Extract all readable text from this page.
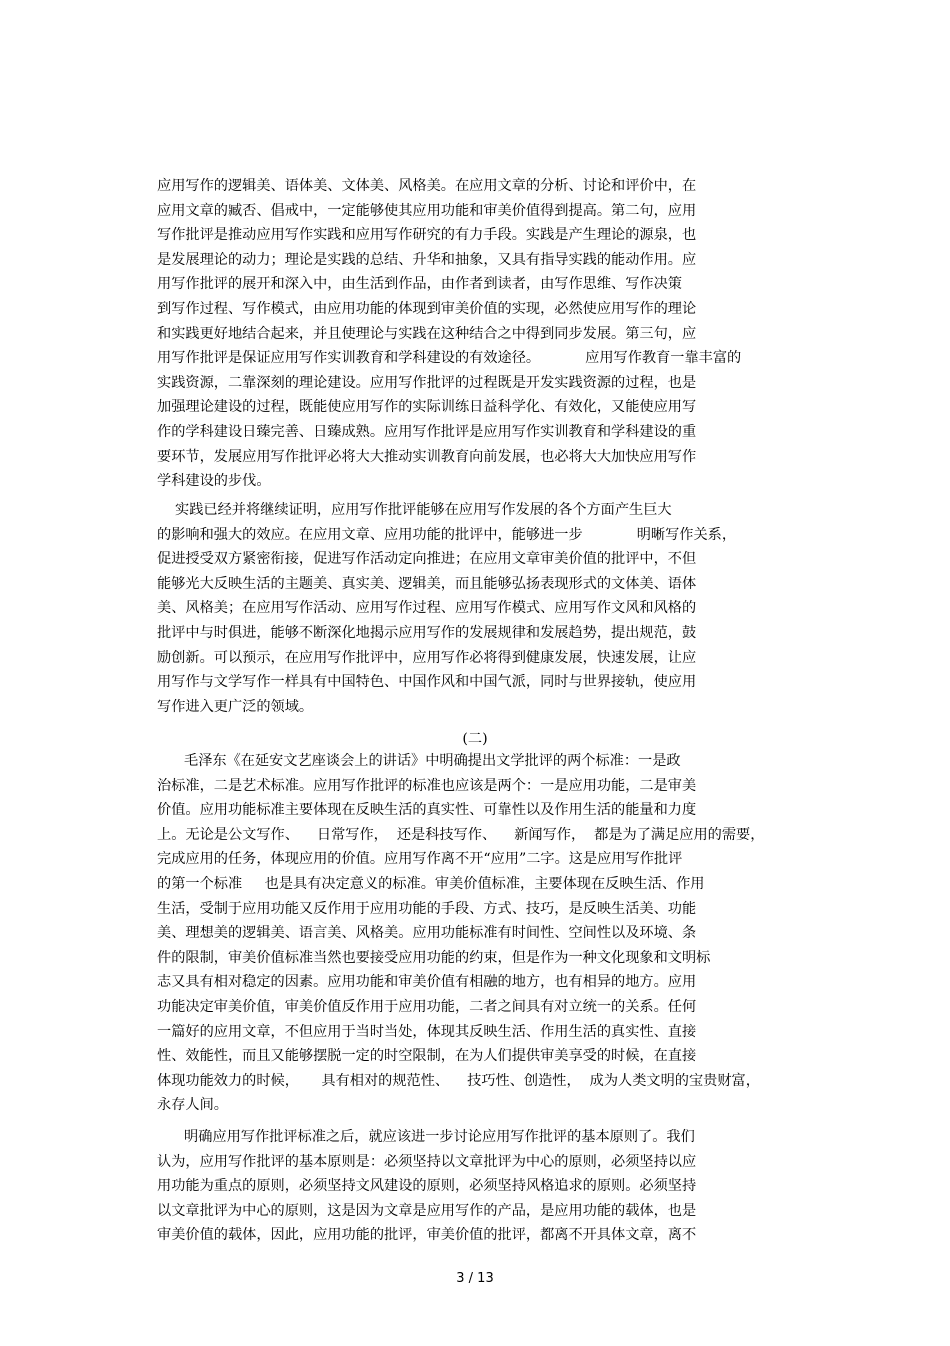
应用写作的逻辑美、语体美、文体美、风格美。在应用文章的分析、讨论和评价中，在
应用文章的臧否、倡戒中，一定能够使其应用功能和审美价值得到提高。第二句，应用
写作批评是推动应用写作实践和应用写作研究的有力手段。实践是产生理论的源泉，也
是发展理论的动力；理论是实践的总结、升华和抽象，又具有指导实践的能动作用。应
用写作批评的展开和深入中，由生活到作品，由作者到读者，由写作思维、写作决策
到写作过程、写作模式，由应用功能的体现到审美价值的实现，必然使应用写作的理论
和实践更好地结合起来，并且使理论与实践在这种结合之中得到同步发展。第三句，应
用写作批评是保证应用写作实训教育和学科建设的有效途径。          应用写作教育一靠丰富的
实践资源，二靠深刻的理论建设。应用写作批评的过程既是开发实践资源的过程，也是
加强理论建设的过程，既能使应用写作的实际训练日益科学化、有效化，又能使应用写
作的学科建设日臻完善、日臻成熟。应用写作批评是应用写作实训教育和学科建设的重
要环节，发展应用写作批评必将大大推动实训教育向前发展，也必将大大加快应用写作
学科建设的步伐。
实践已经并将继续证明，应用写作批评能够在应用写作发展的各个方面产生巨大
的影响和强大的效应。在应用文章、应用功能的批评中，能够进一步            明晰写作关系，
促进授受双方紧密衔接，促进写作活动定向推进；在应用文章审美价值的批评中，不但
能够光大反映生活的主题美、真实美、逻辑美，而且能够弘扬表现形式的文体美、语体
美、风格美；在应用写作活动、应用写作过程、应用写作模式、应用写作文风和风格的
批评中与时俱进，能够不断深化地揭示应用写作的发展规律和发展趋势，提出规范，鼓
励创新。可以预示，在应用写作批评中，应用写作必将得到健康发展，快速发展，让应
用写作与文学写作一样具有中国特色、中国作风和中国气派，同时与世界接轨，使应用
写作进入更广泛的领域。
(二)
毛泽东《在延安文艺座谈会上的讲话》中明确提出文学批评的两个标准：一是政
治标准，二是艺术标准。应用写作批评的标准也应该是两个：一是应用功能，二是审美
价值。应用功能标准主要体现在反映生活的真实性、可靠性以及作用生活的能量和力度
上。无论是公文写作、    日常写作，  还是科技写作、    新闻写作，  都是为了满足应用的需要，
完成应用的任务，体现应用的价值。应用写作离不开“应用”二字。这是应用写作批评
的第一个标准     也是具有决定意义的标准。审美价值标准，主要体现在反映生活、作用
生活，受制于应用功能又反作用于应用功能的手段、方式、技巧，是反映生活美、功能
美、理想美的逻辑美、语言美、风格美。应用功能标准有时间性、空间性以及环境、条
件的限制，审美价值标准当然也要接受应用功能的约束，但是作为一种文化现象和文明标
志又具有相对稳定的因素。应用功能和审美价值有相融的地方，也有相异的地方。应用
功能决定审美价值，审美价值反作用于应用功能，二者之间具有对立统一的关系。任何
一篇好的应用文章，不但应用于当时当处，体现其反映生活、作用生活的真实性、直接
性、效能性，而且又能够摆脱一定的时空限制，在为人们提供审美享受的时候，在直接
体现功能效力的时候，     具有相对的规范性、    技巧性、创造性，  成为人类文明的宝贵财富，
永存人间。
明确应用写作批评标准之后，就应该进一步讨论应用写作批评的基本原则了。我们
认为，应用写作批评的基本原则是：必须坚持以文章批评为中心的原则，必须坚持以应
用功能为重点的原则，必须坚持文风建设的原则，必须坚持风格追求的原则。必须坚持
以文章批评为中心的原则，这是因为文章是应用写作的产品，是应用功能的载体，也是
审美价值的载体，因此，应用功能的批评，审美价值的批评，都离不开具体文章，离不
3 / 13
